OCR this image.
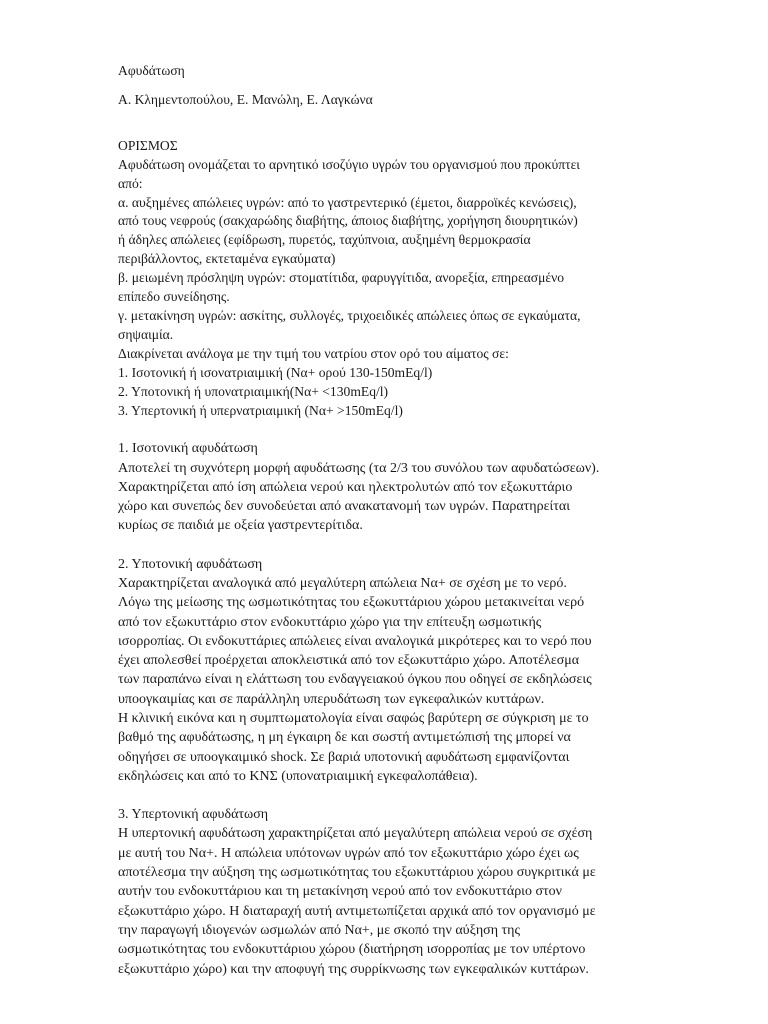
Αφυδάτωση
Α. Κλημεντοπούλου, Ε. Μανώλη, Ε. Λαγκώνα
ΟΡΙΣΜΟΣ
Αφυδάτωση ονομάζεται το αρνητικό ισοζύγιο υγρών του οργανισμού που προκύπτει
από:
α. αυξημένες απώλειες υγρών: από το γαστρεντερικό (έμετοι, διαρροϊκές κενώσεις),
από τους νεφρούς (σακχαρώδης διαβήτης, άποιος διαβήτης, χορήγηση διουρητικών)
ή άδηλες απώλειες (εφίδρωση, πυρετός, ταχύπνοια, αυξημένη θερμοκρασία
περιβάλλοντος, εκτεταμένα εγκαύματα)
β. μειωμένη πρόσληψη υγρών: στοματίτιδα, φαρυγγίτιδα, ανορεξία, επηρεασμένο
επίπεδο συνείδησης.
γ. μετακίνηση υγρών: ασκίτης, συλλογές, τριχοειδικές απώλειες όπως σε εγκαύματα,
σηψαιμία.
Διακρίνεται ανάλογα με την τιμή του νατρίου στον ορό του αίματος σε:
1. Ισοτονική ή ισονατριαιμική (Να+ ορού 130-150mEq/l)
2. Υποτονική ή υπονατριαιμική(Να+ <130mEq/l)
3. Υπερτονική ή υπερνατριαιμική (Να+ >150mEq/l)
1. Ισοτονική αφυδάτωση
Αποτελεί τη συχνότερη μορφή αφυδάτωσης (τα 2/3 του συνόλου των αφυδατώσεων).
Χαρακτηρίζεται από ίση απώλεια νερού και ηλεκτρολυτών από τον εξωκυττάριο
χώρο και συνεπώς δεν συνοδεύεται από ανακατανομή των υγρών. Παρατηρείται
κυρίως σε παιδιά με οξεία γαστρεντερίτιδα.
2. Υποτονική αφυδάτωση
Χαρακτηρίζεται αναλογικά από μεγαλύτερη απώλεια Να+ σε σχέση με το νερό.
Λόγω της μείωσης της ωσμωτικότητας του εξωκυττάριου χώρου μετακινείται νερό
από τον εξωκυττάριο στον ενδοκυττάριο χώρο για την επίτευξη ωσμωτικής
ισορροπίας. Οι ενδοκυττάριες απώλειες είναι αναλογικά μικρότερες και το νερό που
έχει απολεσθεί προέρχεται αποκλειστικά από τον εξωκυττάριο χώρο. Αποτέλεσμα
των παραπάνω είναι η ελάττωση του ενδαγγειακού όγκου που οδηγεί σε εκδηλώσεις
υποογκαιμίας και σε παράλληλη υπερυδάτωση των εγκεφαλικών κυττάρων.
Η κλινική εικόνα και η συμπτωματολογία είναι σαφώς βαρύτερη σε σύγκριση με το
βαθμό της αφυδάτωσης, η μη έγκαιρη δε και σωστή αντιμετώπισή της μπορεί να
οδηγήσει σε υποογκαιμικό shock. Σε βαριά υποτονική αφυδάτωση εμφανίζονται
εκδηλώσεις και από το ΚΝΣ (υπονατριαιμική εγκεφαλοπάθεια).
3. Υπερτονική αφυδάτωση
Η υπερτονική αφυδάτωση χαρακτηρίζεται από μεγαλύτερη απώλεια νερού σε σχέση
με αυτή του Να+. Η απώλεια υπότονων υγρών από τον εξωκυττάριο χώρο έχει ως
αποτέλεσμα την αύξηση της ωσμωτικότητας του εξωκυττάριου χώρου συγκριτικά με
αυτήν του ενδοκυττάριου και τη μετακίνηση νερού από τον ενδοκυττάριο στον
εξωκυττάριο χώρο. Η διαταραχή αυτή αντιμετωπίζεται αρχικά από τον οργανισμό με
την παραγωγή ιδιογενών ωσμωλών από Να+, με σκοπό την αύξηση της
ωσμωτικότητας του ενδοκυττάριου χώρου (διατήρηση ισορροπίας με τον υπέρτονο
εξωκυττάριο χώρο) και την αποφυγή της συρρίκνωσης των εγκεφαλικών κυττάρων.
